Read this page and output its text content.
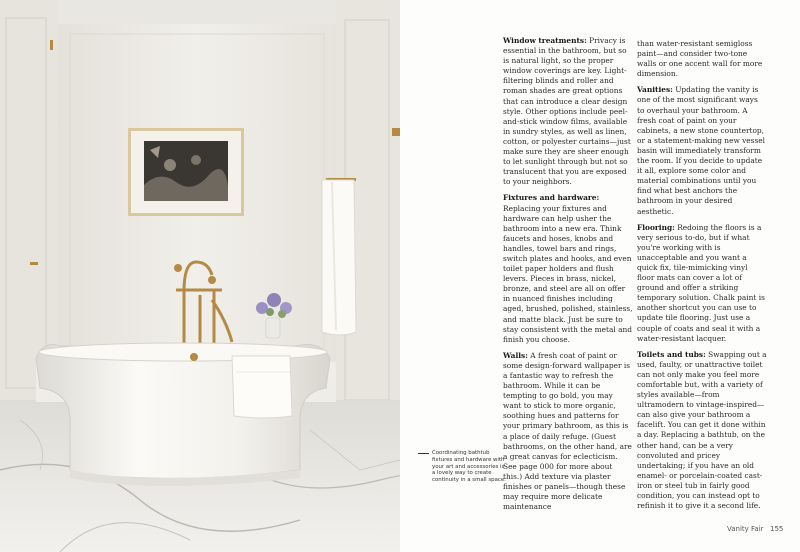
Coordinating bathtub fixtures and hardware with your art and accessories is a lovely way to create continuity in a small space.

Window treatments: Privacy is essential in the bathroom, but so is natural light, so the proper window coverings are key. Light-filtering blinds and roller and roman shades are great options that can introduce a clear design style. Other options include peel-and-stick window films, available in sundry styles, as well as linen, cotton, or polyester curtains—just make sure they are sheer enough to let sunlight through but not so translucent that you are exposed to your neighbors.

Fixtures and hardware: Replacing your fixtures and hardware can help usher the bathroom into a new era. Think faucets and hoses, knobs and handles, towel bars and rings, switch plates and hooks, and even toilet paper holders and flush levers. Pieces in brass, nickel, bronze, and steel are all on offer in nuanced finishes including aged, brushed, polished, stainless, and matte black. Just be sure to stay consistent with the metal and finish you choose.

Walls: A fresh coat of paint or some design-forward wallpaper is a fantastic way to refresh the bathroom. While it can be tempting to go bold, you may want to stick to more organic, soothing hues and patterns for your primary bathroom, as this is a place of daily refuge. (Guest bathrooms, on the other hand, are a great canvas for eclecticism. See page 000 for more about this.) Add texture via plaster finishes or panels—though these may require more delicate maintenance

than water-resistant semigloss paint—and consider two-tone walls or one accent wall for more dimension.

Vanities: Updating the vanity is one of the most significant ways to overhaul your bathroom. A fresh coat of paint on your cabinets, a new stone countertop, or a statement-making new vessel basin will immediately transform the room. If you decide to update it all, explore some color and material combinations until you find what best anchors the bathroom in your desired aesthetic.

Flooring: Redoing the floors is a very serious to-do, but if what you're working with is unacceptable and you want a quick fix, tile-mimicking vinyl floor mats can cover a lot of ground and offer a striking temporary solution. Chalk paint is another shortcut you can use to update tile flooring. Just use a couple of coats and seal it with a water-resistant lacquer.

Toilets and tubs: Swapping out a used, faulty, or unattractive toilet can not only make you feel more comfortable but, with a variety of styles available—from ultramodern to vintage-inspired—can also give your bathroom a facelift. You can get it done within a day. Replacing a bathtub, on the other hand, can be a very convoluted and pricey undertaking; if you have an old enamel- or porcelain-coated cast-iron or steel tub in fairly good condition, you can instead opt to refinish it to give it a second life.

Vanity Fair 155
